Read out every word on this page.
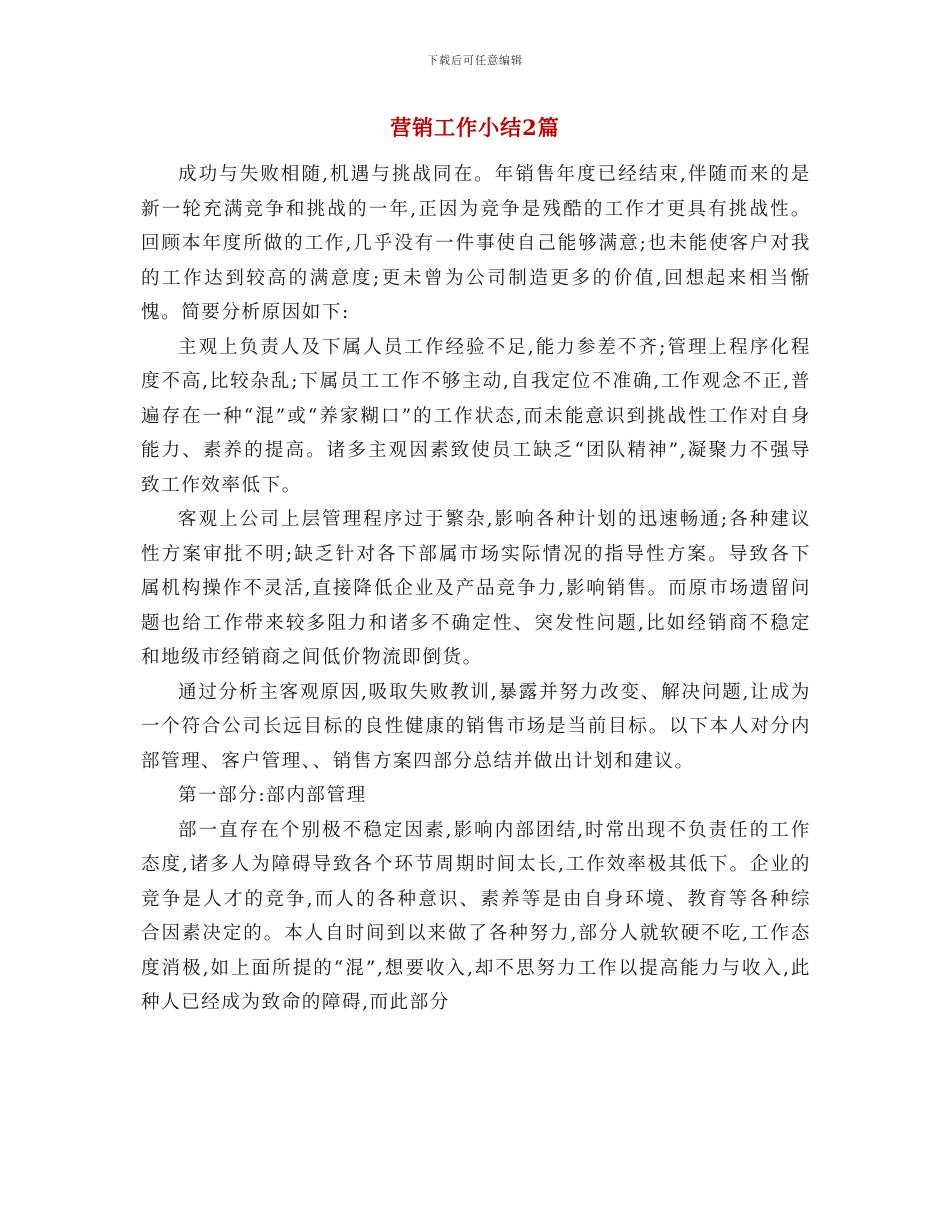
下载后可任意编辑
营销工作小结2篇

成功与失败相随,机遇与挑战同在。年销售年度已经结束,伴随而来的是新一轮充满竞争和挑战的一年,正因为竞争是残酷的工作才更具有挑战性。回顾本年度所做的工作,几乎没有一件事使自己能够满意;也未能使客户对我的工作达到较高的满意度;更未曾为公司制造更多的价值,回想起来相当惭愧。简要分析原因如下:

主观上负责人及下属人员工作经验不足,能力参差不齐;管理上程序化程度不高,比较杂乱;下属员工工作不够主动,自我定位不准确,工作观念不正,普遍存在一种“混”或“养家糊口”的工作状态,而未能意识到挑战性工作对自身能力、素养的提高。诸多主观因素致使员工缺乏“团队精神”,凝聚力不强导致工作效率低下。

客观上公司上层管理程序过于繁杂,影响各种计划的迅速畅通;各种建议性方案审批不明;缺乏针对各下部属市场实际情况的指导性方案。导致各下属机构操作不灵活,直接降低企业及产品竞争力,影响销售。而原市场遗留问题也给工作带来较多阻力和诸多不确定性、突发性问题,比如经销商不稳定和地级市经销商之间低价物流即倒货。

通过分析主客观原因,吸取失败教训,暴露并努力改变、解决问题,让成为一个符合公司长远目标的良性健康的销售市场是当前目标。以下本人对分内部管理、客户管理、、销售方案四部分总结并做出计划和建议。

第一部分:部内部管理

部一直存在个别极不稳定因素,影响内部团结,时常出现不负责任的工作态度,诸多人为障碍导致各个环节周期时间太长,工作效率极其低下。企业的竞争是人才的竞争,而人的各种意识、素养等是由自身环境、教育等各种综合因素决定的。本人自时间到以来做了各种努力,部分人就软硬不吃,工作态度消极,如上面所提的“混”,想要收入,却不思努力工作以提高能力与收入,此种人已经成为致命的障碍,而此部分
